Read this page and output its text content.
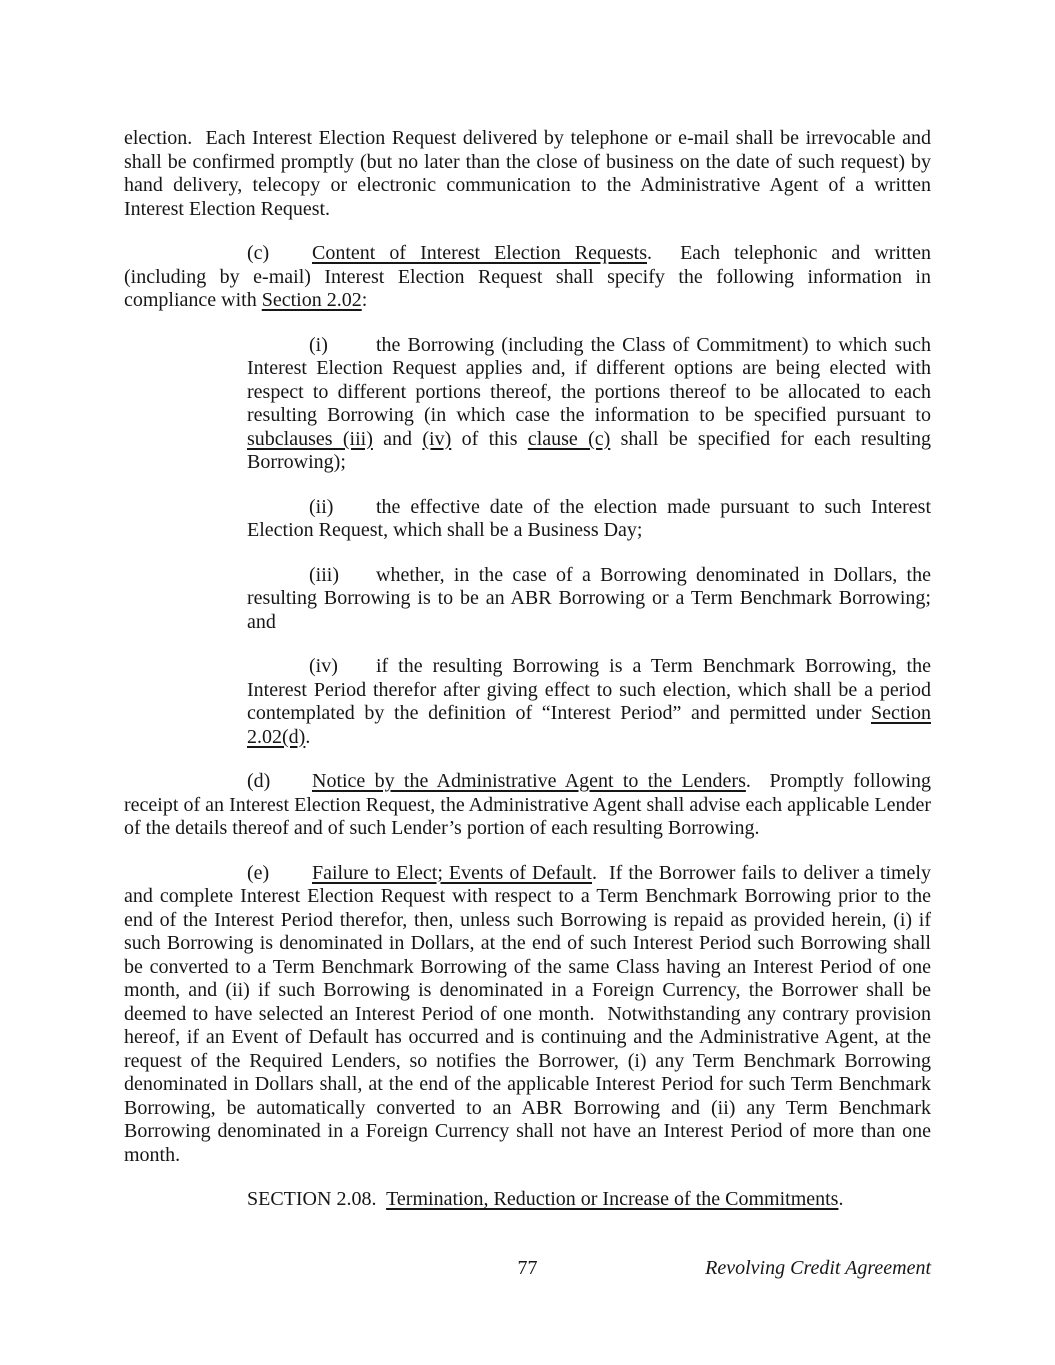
election.  Each Interest Election Request delivered by telephone or e-mail shall be irrevocable and shall be confirmed promptly (but no later than the close of business on the date of such request) by hand delivery, telecopy or electronic communication to the Administrative Agent of a written Interest Election Request.

(c) Content of Interest Election Requests.  Each telephonic and written (including by e-mail) Interest Election Request shall specify the following information in compliance with Section 2.02:

(i) the Borrowing (including the Class of Commitment) to which such Interest Election Request applies and, if different options are being elected with respect to different portions thereof, the portions thereof to be allocated to each resulting Borrowing (in which case the information to be specified pursuant to subclauses (iii) and (iv) of this clause (c) shall be specified for each resulting Borrowing);

(ii) the effective date of the election made pursuant to such Interest Election Request, which shall be a Business Day;

(iii) whether, in the case of a Borrowing denominated in Dollars, the resulting Borrowing is to be an ABR Borrowing or a Term Benchmark Borrowing; and

(iv) if the resulting Borrowing is a Term Benchmark Borrowing, the Interest Period therefor after giving effect to such election, which shall be a period contemplated by the definition of “Interest Period” and permitted under Section 2.02(d).

(d) Notice by the Administrative Agent to the Lenders.  Promptly following receipt of an Interest Election Request, the Administrative Agent shall advise each applicable Lender of the details thereof and of such Lender’s portion of each resulting Borrowing.

(e) Failure to Elect; Events of Default.  If the Borrower fails to deliver a timely and complete Interest Election Request with respect to a Term Benchmark Borrowing prior to the end of the Interest Period therefor, then, unless such Borrowing is repaid as provided herein, (i) if such Borrowing is denominated in Dollars, at the end of such Interest Period such Borrowing shall be converted to a Term Benchmark Borrowing of the same Class having an Interest Period of one month, and (ii) if such Borrowing is denominated in a Foreign Currency, the Borrower shall be deemed to have selected an Interest Period of one month.  Notwithstanding any contrary provision hereof, if an Event of Default has occurred and is continuing and the Administrative Agent, at the request of the Required Lenders, so notifies the Borrower, (i) any Term Benchmark Borrowing denominated in Dollars shall, at the end of the applicable Interest Period for such Term Benchmark Borrowing, be automatically converted to an ABR Borrowing and (ii) any Term Benchmark Borrowing denominated in a Foreign Currency shall not have an Interest Period of more than one month.

SECTION 2.08.  Termination, Reduction or Increase of the Commitments.

77	Revolving Credit Agreement
